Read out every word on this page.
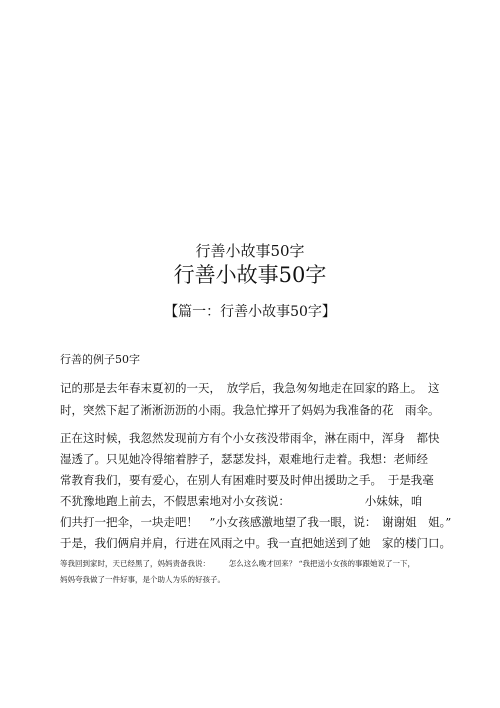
行善小故事50字
行善小故事50字
【篇一：行善小故事50字】
行善的例子50字
记的那是去年春末夏初的一天，　放学后，我急匆匆地走在回家的路上。　这
时，突然下起了淅淅沥沥的小雨。我急忙撑开了妈妈为我准备的花　雨伞。
正在这时候，我忽然发现前方有个小女孩没带雨伞，淋在雨中，浑身　都快
湿透了。只见她冷得缩着脖子，瑟瑟发抖，艰难地行走着。我想：老师经
常教育我们，要有爱心，在别人有困难时要及时伸出援助之手。　于是我毫
不犹豫地跑上前去，不假思索地对小女孩说：　　　　　　　小妹妹，咱
们共打一把伞，一块走吧！　”小女孩感激地望了我一眼，说：　谢谢姐　姐。”
于是，我们俩肩并肩，行进在风雨之中。我一直把她送到了她　家的楼门口。
等我回到家时，天已经黑了，妈妈责备我说：　　　怎么这么晚才回来？ “我把送小女孩的事跟她说了一下，
妈妈夸我做了一件好事，是个助人为乐的好孩子。
